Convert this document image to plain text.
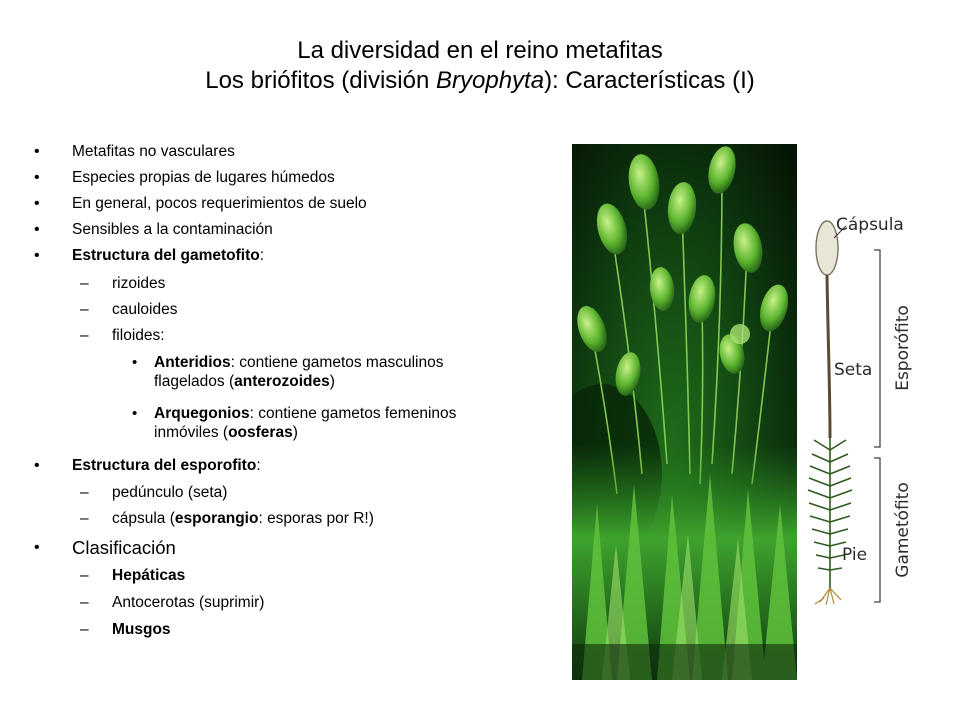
La diversidad en el reino metafitas
Los briófitos (división Bryophyta): Características (I)
• Metafitas no vasculares
• Especies propias de lugares húmedos
• En general, pocos requerimientos de suelo
• Sensibles a la contaminación
• Estructura del gametofito:
– rizoides
– cauloides
– filoides:
• Anteridios: contiene gametos masculinos flagelados (anterozoides)
• Arquegonios: contiene gametos femeninos inmóviles (oosferas)
• Estructura del esporofito:
– pedúnculo (seta)
– cápsula (esporangio: esporas por R!)
• Clasificación
– Hepáticas
– Antocerotas (suprimir)
– Musgos
Cápsula
Seta
Pie
Esporófito
Gametófito
